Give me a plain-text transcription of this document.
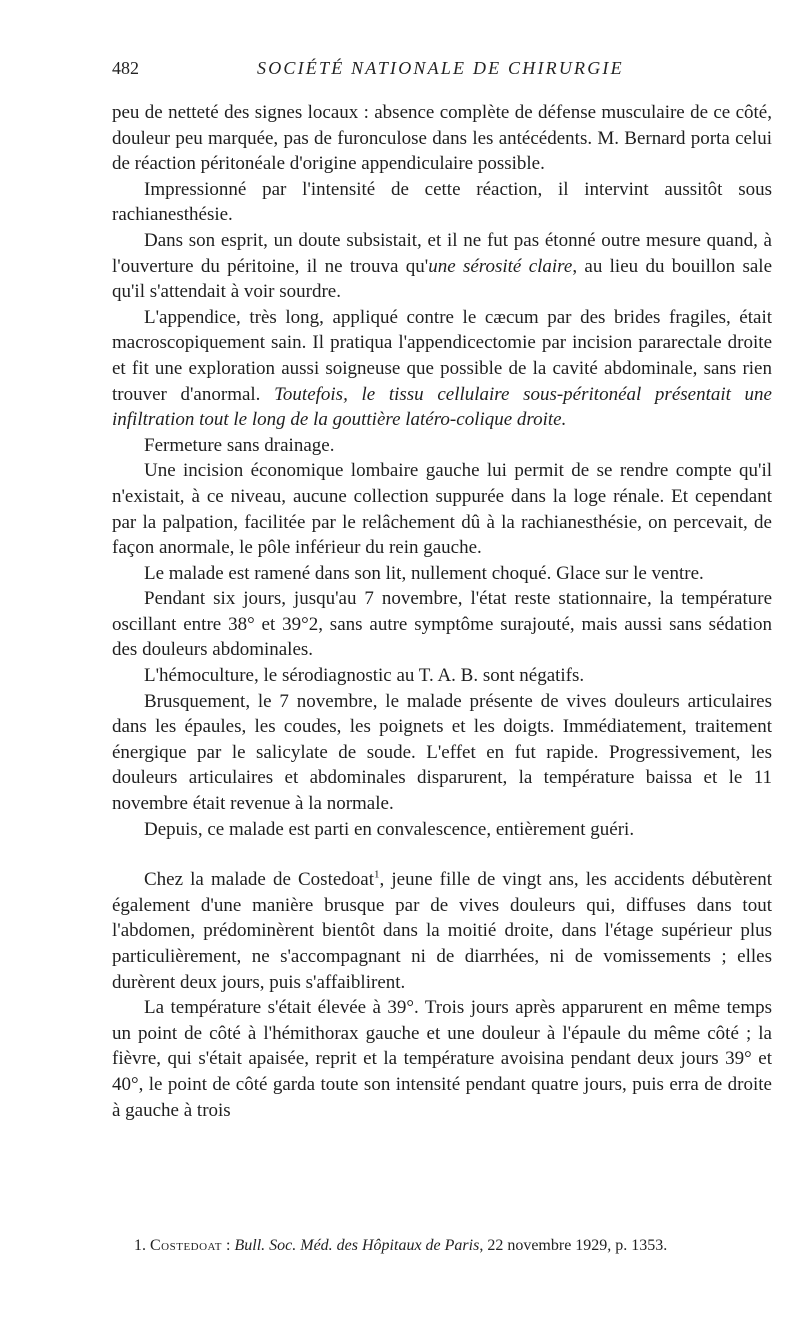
482	SOCIÉTÉ NATIONALE DE CHIRURGIE

peu de netteté des signes locaux : absence complète de défense musculaire de ce côté, douleur peu marquée, pas de furonculose dans les antécédents. M. Bernard porta celui de réaction péritonéale d'origine appendiculaire possible.

Impressionné par l'intensité de cette réaction, il intervint aussitôt sous rachianesthésie.

Dans son esprit, un doute subsistait, et il ne fut pas étonné outre mesure quand, à l'ouverture du péritoine, il ne trouva qu'une sérosité claire, au lieu du bouillon sale qu'il s'attendait à voir sourdre.

L'appendice, très long, appliqué contre le cæcum par des brides fragiles, était macroscopiquement sain. Il pratiqua l'appendicectomie par incision pararectale droite et fit une exploration aussi soigneuse que possible de la cavité abdominale, sans rien trouver d'anormal. Toutefois, le tissu cellulaire sous-péritonéal présentait une infiltration tout le long de la gouttière latéro-colique droite.

Fermeture sans drainage.

Une incision économique lombaire gauche lui permit de se rendre compte qu'il n'existait, à ce niveau, aucune collection suppurée dans la loge rénale. Et cependant par la palpation, facilitée par le relâchement dû à la rachianesthésie, on percevait, de façon anormale, le pôle inférieur du rein gauche.

Le malade est ramené dans son lit, nullement choqué. Glace sur le ventre.

Pendant six jours, jusqu'au 7 novembre, l'état reste stationnaire, la température oscillant entre 38° et 39°2, sans autre symptôme surajouté, mais aussi sans sédation des douleurs abdominales.

L'hémoculture, le sérodiagnostic au T. A. B. sont négatifs.

Brusquement, le 7 novembre, le malade présente de vives douleurs articulaires dans les épaules, les coudes, les poignets et les doigts. Immédiatement, traitement énergique par le salicylate de soude. L'effet en fut rapide. Progressivement, les douleurs articulaires et abdominales disparurent, la température baissa et le 11 novembre était revenue à la normale.

Depuis, ce malade est parti en convalescence, entièrement guéri.

Chez la malade de Costedoat$^1$, jeune fille de vingt ans, les accidents débutèrent également d'une manière brusque par de vives douleurs qui, diffuses dans tout l'abdomen, prédominèrent bientôt dans la moitié droite, dans l'étage supérieur plus particulièrement, ne s'accompagnant ni de diarrhées, ni de vomissements ; elles durèrent deux jours, puis s'affaiblirent.

La température s'était élevée à 39°. Trois jours après apparurent en même temps un point de côté à l'hémithorax gauche et une douleur à l'épaule du même côté ; la fièvre, qui s'était apaisée, reprit et la température avoisina pendant deux jours 39° et 40°, le point de côté garda toute son intensité pendant quatre jours, puis erra de droite à gauche à trois

1. Costedoat : Bull. Soc. Méd. des Hôpitaux de Paris, 22 novembre 1929, p. 1353.
